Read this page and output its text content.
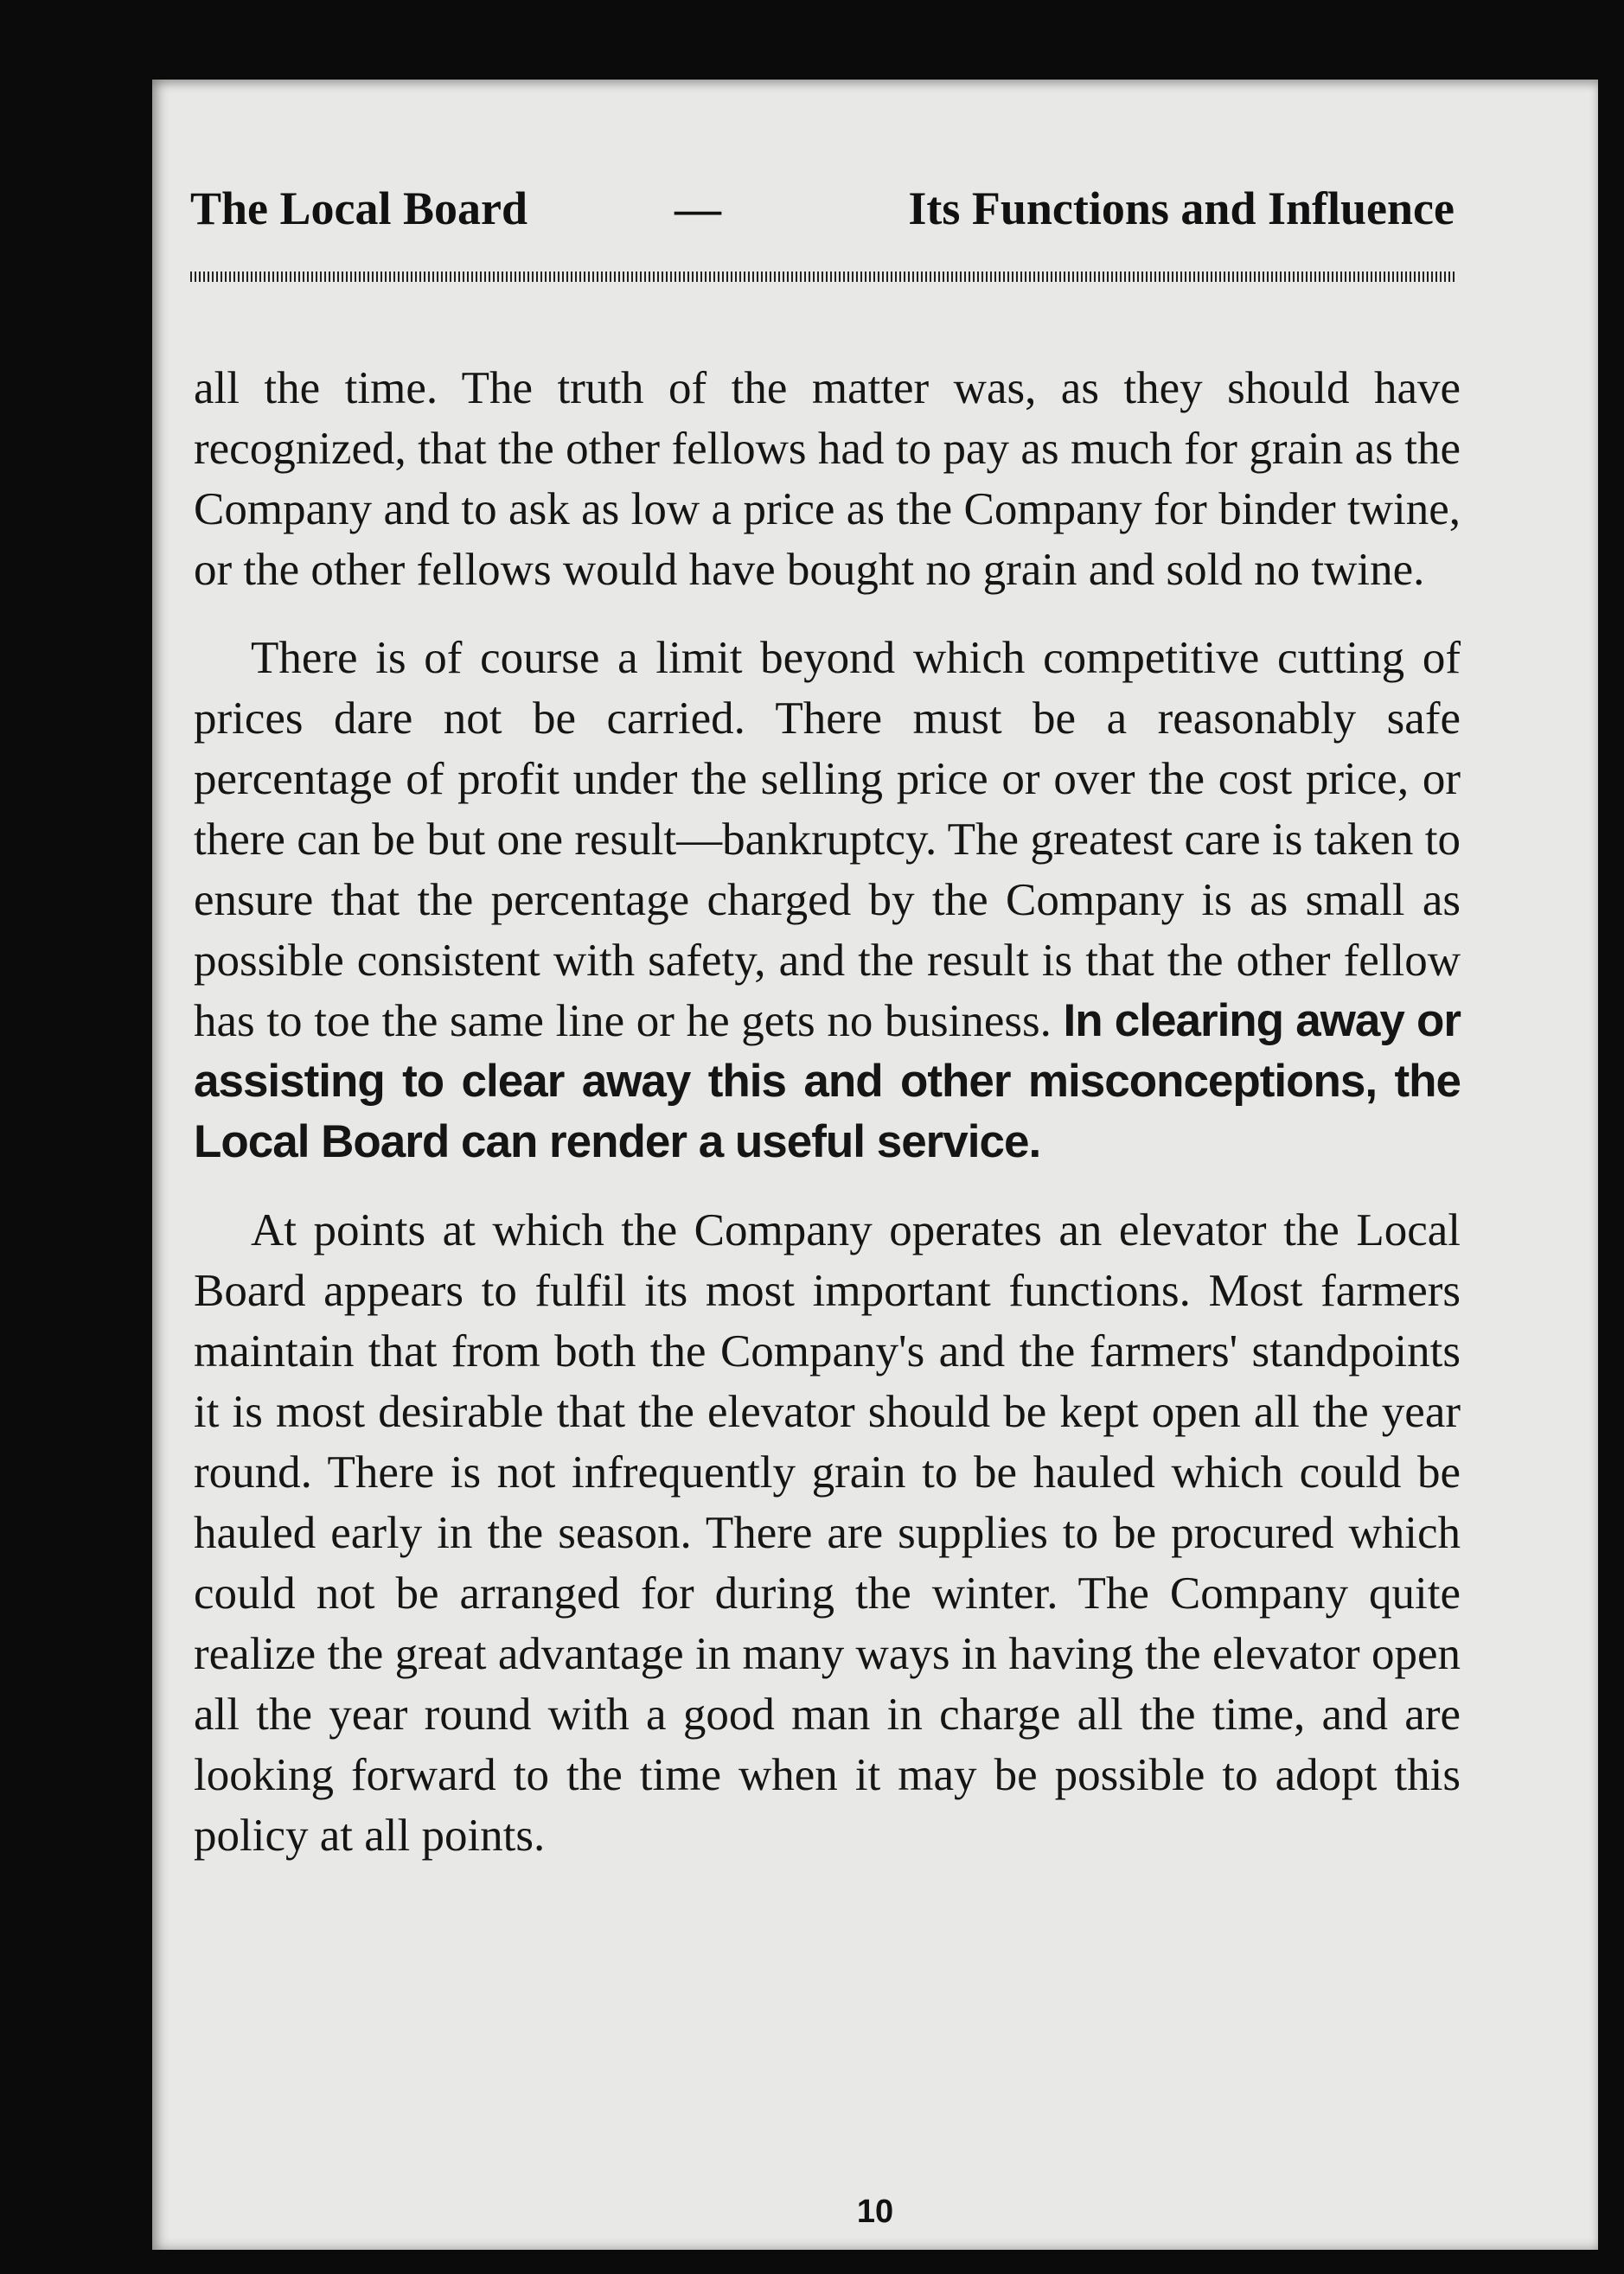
The Local Board	—	Its Functions and Influence

all the time. The truth of the matter was, as they should have recognized, that the other fellows had to pay as much for grain as the Company and to ask as low a price as the Company for binder twine, or the other fellows would have bought no grain and sold no twine.

There is of course a limit beyond which competitive cutting of prices dare not be carried. There must be a reasonably safe percentage of profit under the selling price or over the cost price, or there can be but one result—bankruptcy. The greatest care is taken to ensure that the percentage charged by the Company is as small as possible consistent with safety, and the result is that the other fellow has to toe the same line or he gets no business. In clearing away or assisting to clear away this and other misconceptions, the Local Board can render a useful service.

At points at which the Company operates an elevator the Local Board appears to fulfil its most important functions. Most farmers maintain that from both the Company's and the farmers' standpoints it is most desirable that the elevator should be kept open all the year round. There is not infrequently grain to be hauled which could be hauled early in the season. There are supplies to be procured which could not be arranged for during the winter. The Company quite realize the great advantage in many ways in having the elevator open all the year round with a good man in charge all the time, and are looking forward to the time when it may be possible to adopt this policy at all points.

10
